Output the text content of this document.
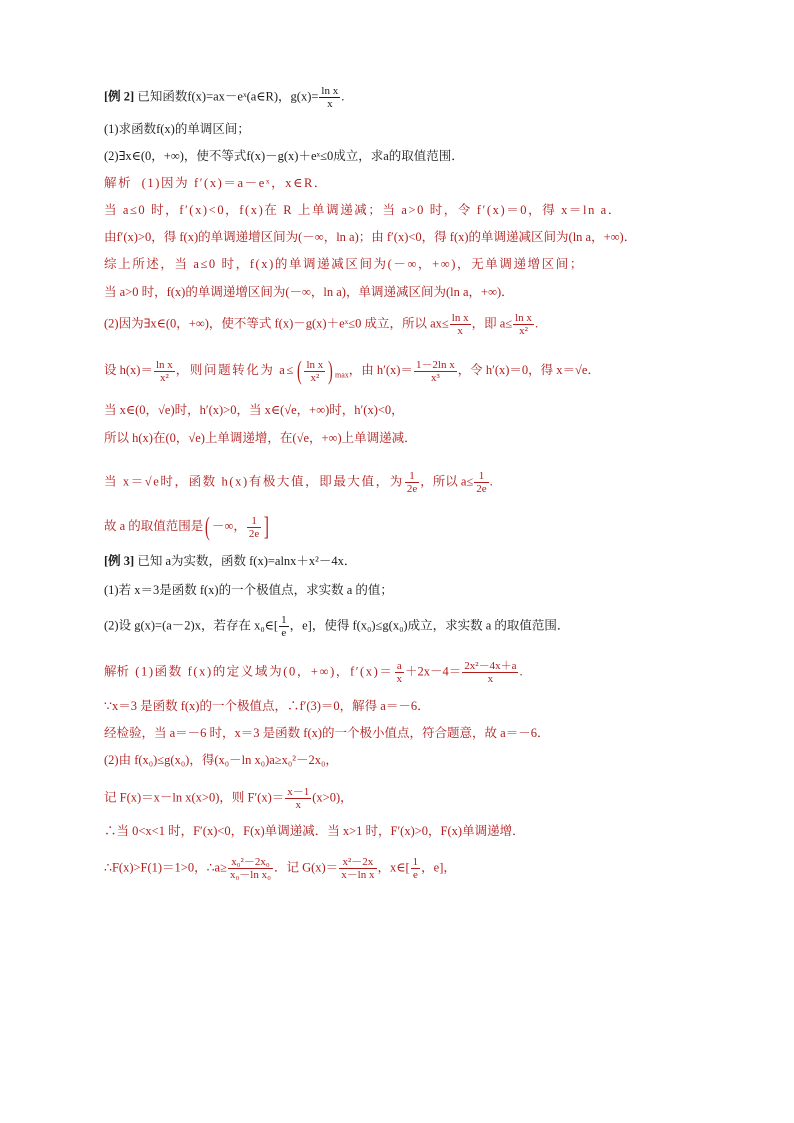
[例 2] 已知函数f(x)=ax－eˣ(a∈R)，$g(x)= \frac{\text{ln x}}{x}$ .
(1)求函数f(x)的单调区间；
(2)∃x∈(0，+∞)，使不等式f(x)－g(x)＋eˣ≤0成立，求a的取值范围．
解析 (1)因为 f′(x)＝a－eˣ，x∈R．
当 a≤0 时，f′(x)<0，f(x)在 R 上单调递减；当 a>0 时，令 f′(x)＝0，得 x＝ln a．
由f′(x)>0，得 f(x)的单调递增区间为(－∞，ln a)；由 f′(x)<0，得 f(x)的单调递减区间为(ln a，+∞)．
综上所述，当 a≤0 时，f(x)的单调递减区间为(－∞，+∞)，无单调递增区间；
当 a>0 时，f(x)的单调递增区间为(－∞，ln a)，单调递减区间为(ln a，+∞)．
(2)因为∃x∈(0，+∞)，使不等式 f(x)－g(x)＋eˣ≤0 成立，所以 $ax\le \frac{\text{ln x}}{x}$ ，即 $a\le \frac{\text{ln x}}{\text{x²}}$ .
设 $h(x)= \frac{\text{ln x}}{\text{x²}}$ ，则问题转化为 $a\le( \frac{\text{ln x}}{\text{x²}}$ ) $_{max}$，由 $h'(x)= \frac{\text{1－2ln x}}{\text{x³}}$ ，令 h′(x)＝0，得 x＝√e．
当 x∈(0，√e)时，h′(x)>0，当 x∈(√e，+∞)时，h′(x)<0，
所以 h(x)在(0，√e)上单调递增，在(√e，+∞)上单调递减．
当 x＝√e时，函数 h(x)有极大值，即最大值，为 $\frac{1}{2e}$ ，所以 $a\le \frac{1}{2e}$ .
故 a 的取值范围是( －∞， $\frac{1}{2e}$ ]
[例 3] 已知 a为实数，函数 f(x)=alnx＋x²－4x．
(1)若 x＝3是函数 f(x)的一个极值点，求实数 a 的值；
(2)设 g(x)=(a－2)x，若存在 x₀∈[ $\frac{1}{e}$ ，e]，使得 f(x₀)≤g(x₀)成立，求实数 a 的取值范围．
解析 (1)函数 f(x)的定义域为(0，+∞)，$f'(x)= \frac{a}{x} +2x-4= \frac{\text{2x²－4x＋a}}{x}$ .
∵x＝3 是函数 f(x)的一个极值点，∴f′(3)＝0，解得 a＝－6．
经检验，当 a＝－6 时，x＝3 是函数 f(x)的一个极小值点，符合题意，故 a＝－6．
(2)由 f(x₀)≤g(x₀)，得(x₀－ln x₀)a≥x₀²－2x₀，
记 F(x)＝x－ln x(x>0)，则 $F'(x)= \frac{x-1}{x} (x>0)$，
∴当 0<x<1 时，F′(x)<0，F(x)单调递减．当 x>1 时，F′(x)>0，F(x)单调递增．
∴F(x)>F(1)＝1>0，∴a≥ $\frac{\text{x₀²－2x₀}}{\text{x₀－ln x₀}}$ ．记 $G(x)= \frac{\text{x²－2x}}{\text{x－ln x}}$ ，x∈[ $\frac{1}{e}$ ，e]，
